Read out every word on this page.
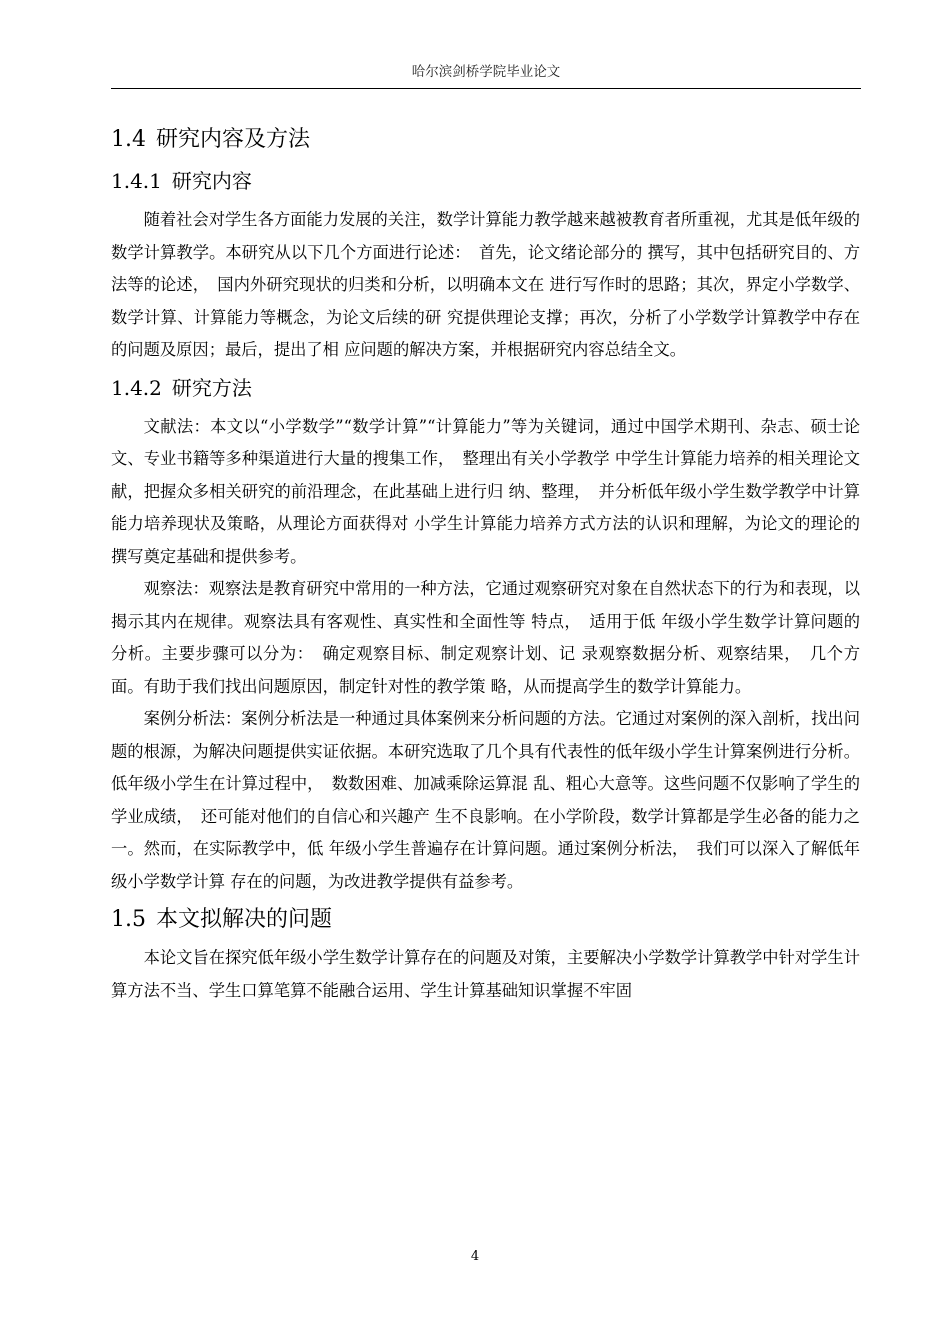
哈尔滨剑桥学院毕业论文
1.4 研究内容及方法
1.4.1 研究内容

随着社会对学生各方面能力发展的关注，数学计算能力教学越来越被教育者所重视，尤其是低年级的数学计算教学。本研究从以下几个方面进行论述：　首先，论文绪论部分的 撰写，其中包括研究目的、方法等的论述，　国内外研究现状的归类和分析，以明确本文在 进行写作时的思路；其次，界定小学数学、数学计算、计算能力等概念，为论文后续的研 究提供理论支撑；再次，分析了小学数学计算教学中存在的问题及原因；最后，提出了相 应问题的解决方案，并根据研究内容总结全文。

1.4.2 研究方法

文献法：本文以“小学数学”“数学计算”“计算能力”等为关键词，通过中国学术期刊、杂志、硕士论文、专业书籍等多种渠道进行大量的搜集工作，　整理出有关小学教学 中学生计算能力培养的相关理论文献，把握众多相关研究的前沿理念，在此基础上进行归 纳、整理，　并分析低年级小学生数学教学中计算能力培养现状及策略，从理论方面获得对 小学生计算能力培养方式方法的认识和理解，为论文的理论的撰写奠定基础和提供参考。

观察法：观察法是教育研究中常用的一种方法，它通过观察研究对象在自然状态下的行为和表现，以揭示其内在规律。观察法具有客观性、真实性和全面性等 特点，　适用于低 年级小学生数学计算问题的分析。主要步骤可以分为：　确定观察目标、制定观察计划、记 录观察数据分析、观察结果，　几个方面。有助于我们找出问题原因，制定针对性的教学策 略，从而提高学生的数学计算能力。

案例分析法：案例分析法是一种通过具体案例来分析问题的方法。它通过对案例的深入剖析，找出问题的根源，为解决问题提供实证依据。本研究选取了几个具有代表性的低年级小学生计算案例进行分析。低年级小学生在计算过程中，　数数困难、加减乘除运算混 乱、粗心大意等。这些问题不仅影响了学生的学业成绩，　还可能对他们的自信心和兴趣产 生不良影响。在小学阶段，数学计算都是学生必备的能力之一。然而，在实际教学中，低 年级小学生普遍存在计算问题。通过案例分析法，　我们可以深入了解低年级小学数学计算 存在的问题，为改进教学提供有益参考。

1.5 本文拟解决的问题

本论文旨在探究低年级小学生数学计算存在的问题及对策，主要解决小学数学计算教学中针对学生计算方法不当、学生口算笔算不能融合运用、学生计算基础知识掌握不牢固

4
